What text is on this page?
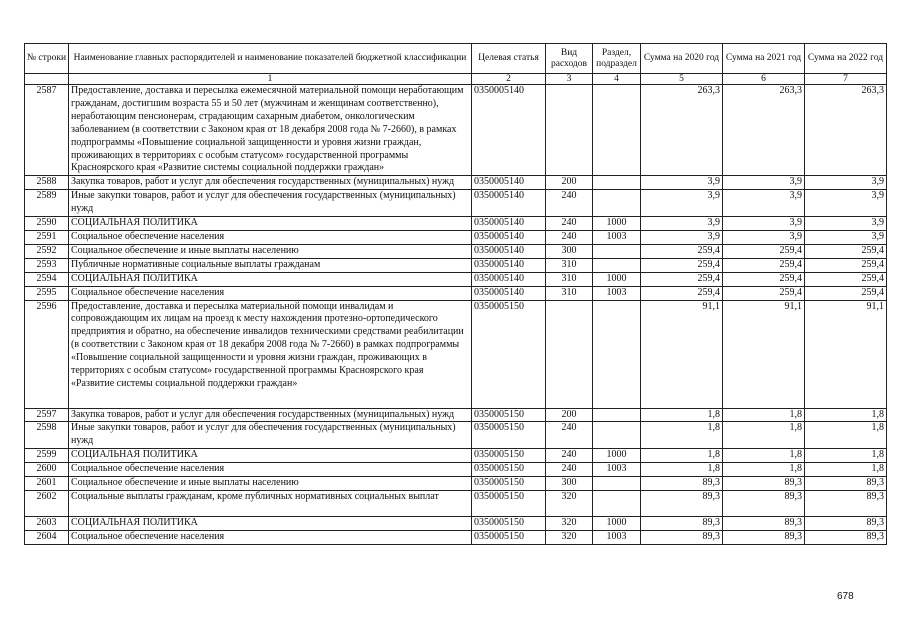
№ строки	Наименование главных распорядителей и наименование показателей бюджетной классификации	Целевая статья	Вид расходов	Раздел, подраздел	Сумма на 2020 год	Сумма на 2021 год	Сумма на 2022 год
	1	2	3	4	5	6	7
2587	Предоставление, доставка и пересылка ежемесячной материальной помощи неработающим гражданам, достигшим возраста 55 и 50 лет (мужчинам и женщинам соответственно), неработающим пенсионерам, страдающим сахарным диабетом, онкологическим заболеванием (в соответствии с Законом края от 18 декабря 2008 года № 7-2660), в рамках подпрограммы «Повышение социальной защищенности и уровня жизни граждан, проживающих в территориях с особым статусом» государственной программы Красноярского края «Развитие системы социальной поддержки граждан»	0350005140			263,3	263,3	263,3
2588	Закупка товаров, работ и услуг для обеспечения государственных (муниципальных) нужд	0350005140	200		3,9	3,9	3,9
2589	Иные закупки товаров, работ и услуг для обеспечения государственных (муниципальных) нужд	0350005140	240		3,9	3,9	3,9
2590	СОЦИАЛЬНАЯ ПОЛИТИКА	0350005140	240	1000	3,9	3,9	3,9
2591	Социальное обеспечение населения	0350005140	240	1003	3,9	3,9	3,9
2592	Социальное обеспечение и иные выплаты населению	0350005140	300		259,4	259,4	259,4
2593	Публичные нормативные социальные выплаты гражданам	0350005140	310		259,4	259,4	259,4
2594	СОЦИАЛЬНАЯ ПОЛИТИКА	0350005140	310	1000	259,4	259,4	259,4
2595	Социальное обеспечение населения	0350005140	310	1003	259,4	259,4	259,4
2596	Предоставление, доставка и пересылка материальной помощи инвалидам и сопровождающим их лицам на проезд к месту нахождения протезно-ортопедического предприятия и обратно, на обеспечение инвалидов техническими средствами реабилитации (в соответствии с Законом края от 18 декабря 2008 года № 7-2660) в рамках подпрограммы «Повышение социальной защищенности и уровня жизни граждан, проживающих в территориях с особым статусом» государственной программы Красноярского края «Развитие системы социальной поддержки граждан»	0350005150			91,1	91,1	91,1
2597	Закупка товаров, работ и услуг для обеспечения государственных (муниципальных) нужд	0350005150	200		1,8	1,8	1,8
2598	Иные закупки товаров, работ и услуг для обеспечения государственных (муниципальных) нужд	0350005150	240		1,8	1,8	1,8
2599	СОЦИАЛЬНАЯ ПОЛИТИКА	0350005150	240	1000	1,8	1,8	1,8
2600	Социальное обеспечение населения	0350005150	240	1003	1,8	1,8	1,8
2601	Социальное обеспечение и иные выплаты населению	0350005150	300		89,3	89,3	89,3
2602	Социальные выплаты гражданам, кроме публичных нормативных социальных выплат	0350005150	320		89,3	89,3	89,3
2603	СОЦИАЛЬНАЯ ПОЛИТИКА	0350005150	320	1000	89,3	89,3	89,3
2604	Социальное обеспечение населения	0350005150	320	1003	89,3	89,3	89,3
678
